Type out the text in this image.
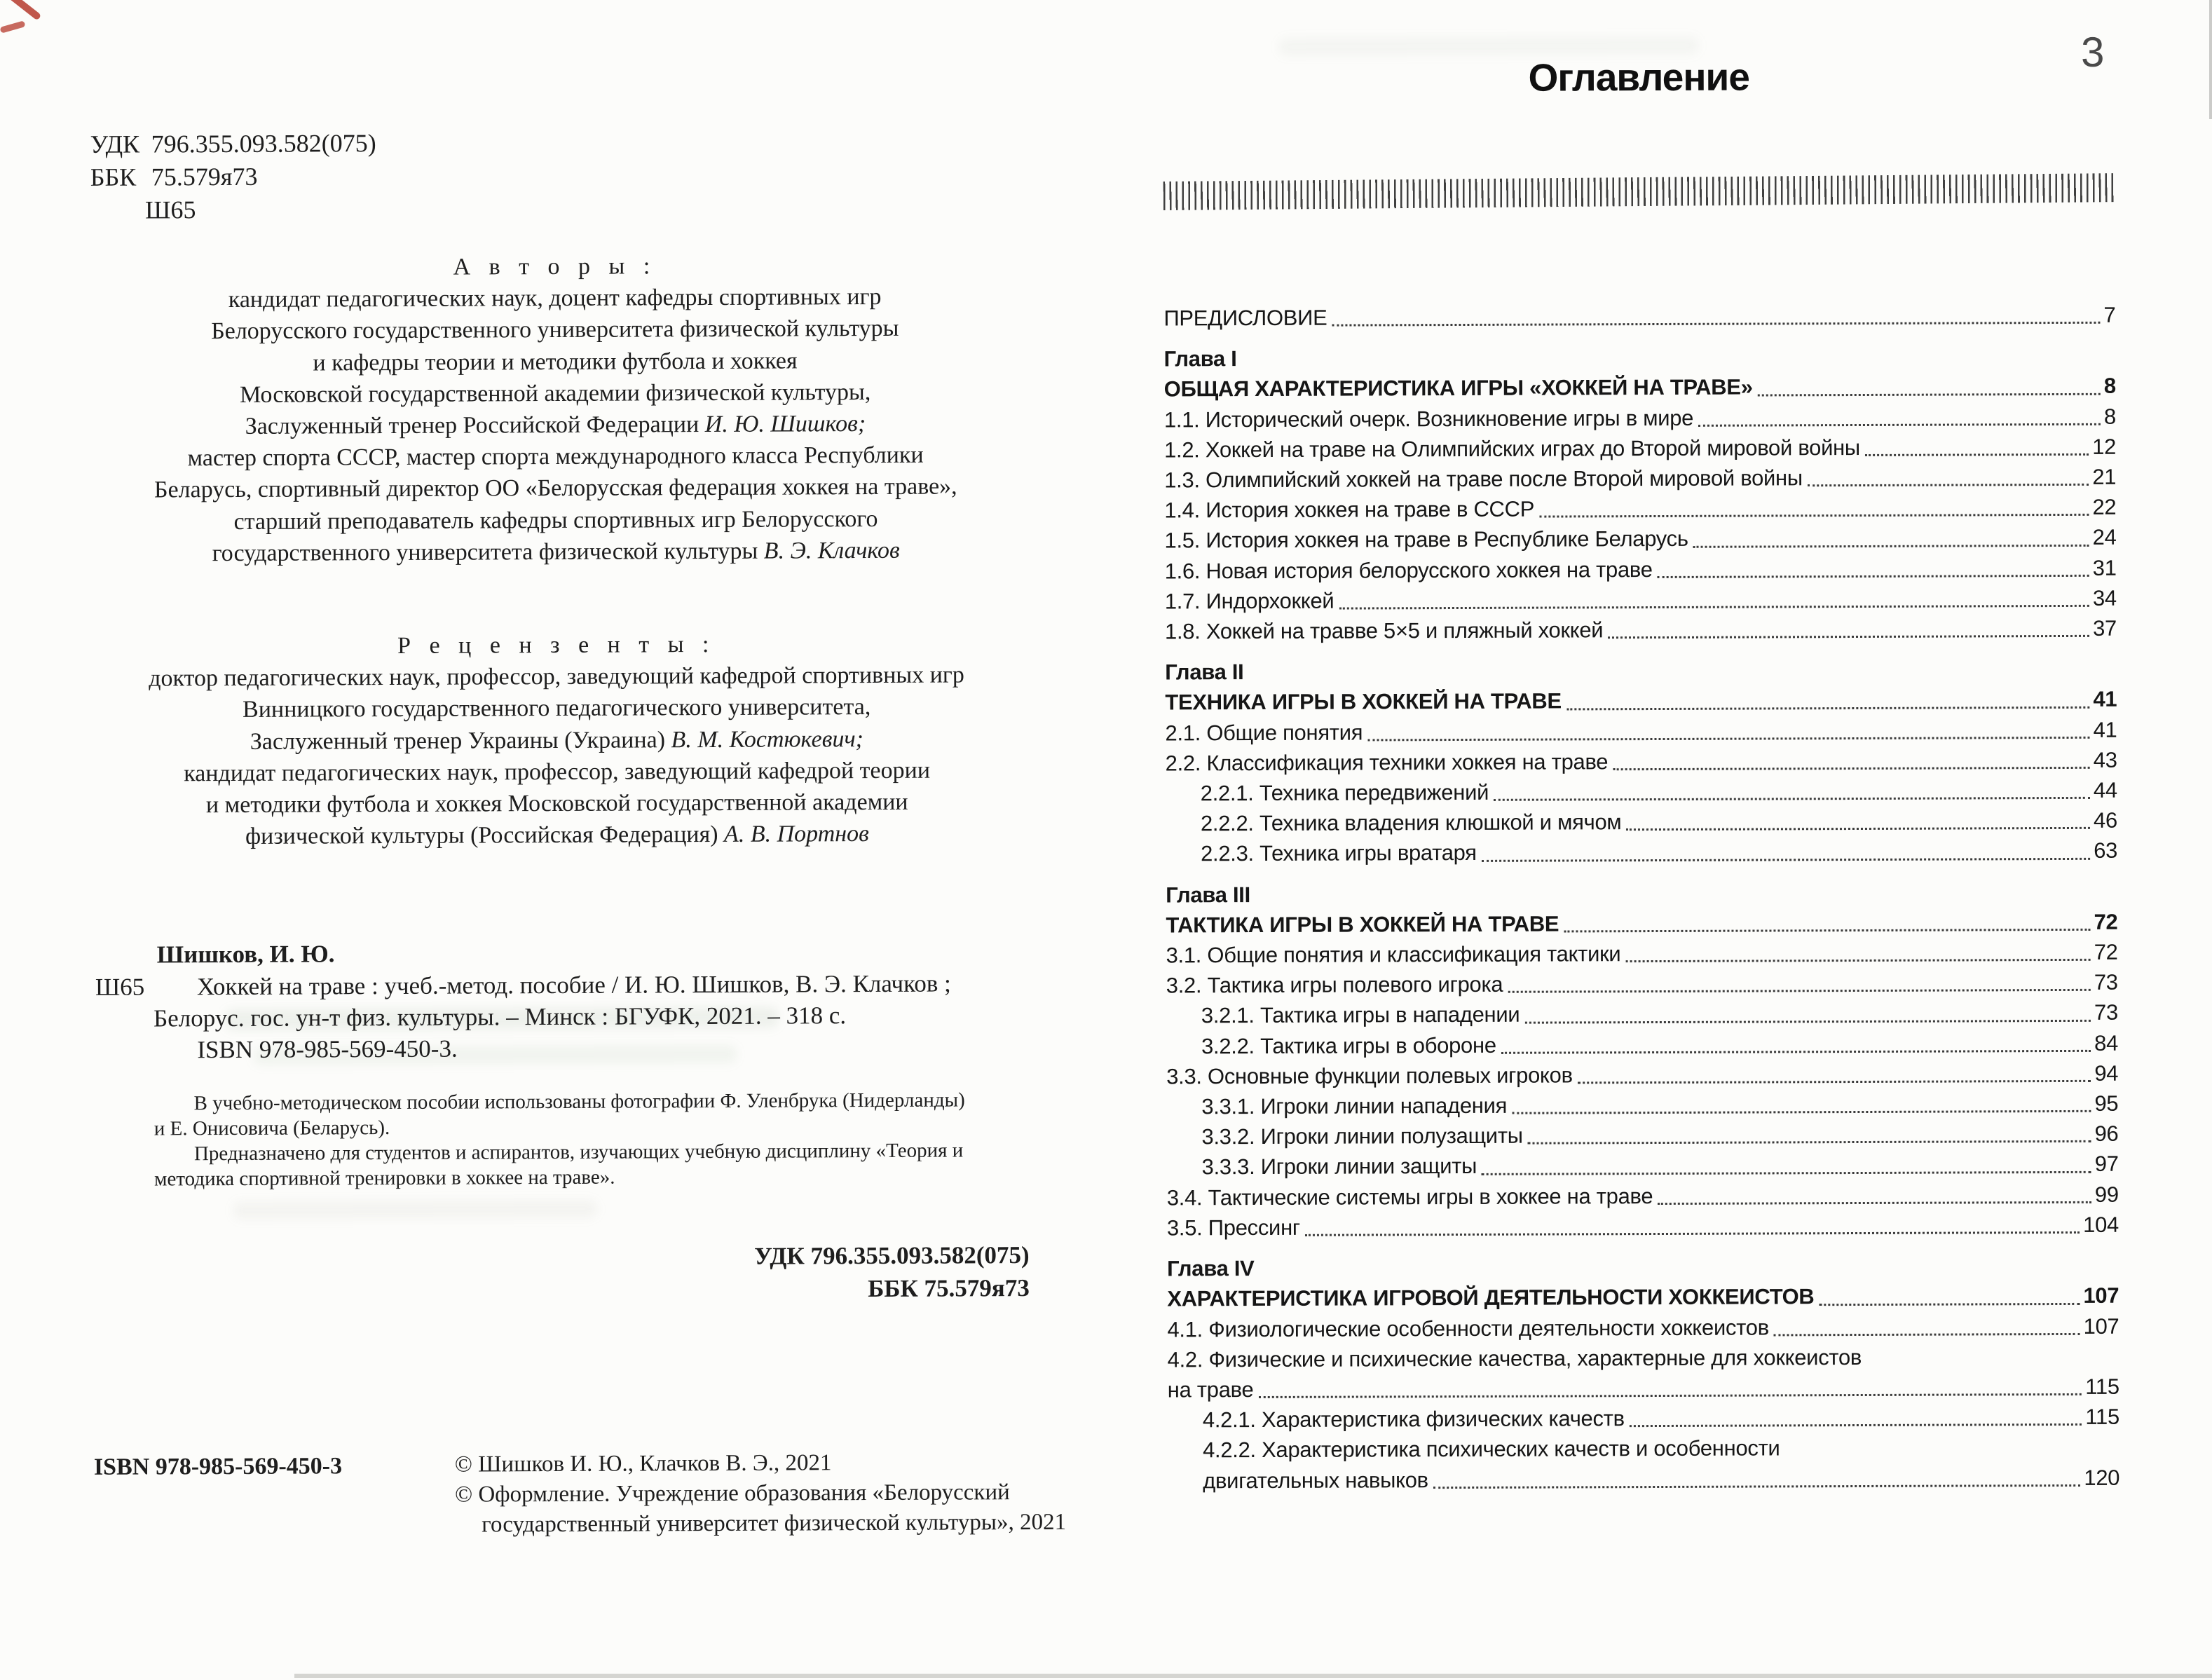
УДК 796.355.093.582(075)
ББК 75.579я73
Ш65
А в т о р ы :
кандидат педагогических наук, доцент кафедры спортивных игр
Белорусского государственного университета физической культуры
и кафедры теории и методики футбола и хоккея
Московской государственной академии физической культуры,
Заслуженный тренер Российской Федерации И. Ю. Шишков;
мастер спорта СССР, мастер спорта международного класса Республики
Беларусь, спортивный директор ОО «Белорусская федерация хоккея на траве»,
старший преподаватель кафедры спортивных игр Белорусского
государственного университета физической культуры В. Э. Клачков
Р е ц е н з е н т ы :
доктор педагогических наук, профессор, заведующий кафедрой спортивных игр
Винницкого государственного педагогического университета,
Заслуженный тренер Украины (Украина) В. М. Костюкевич;
кандидат педагогических наук, профессор, заведующий кафедрой теории
и методики футбола и хоккея Московской государственной академии
физической культуры (Российская Федерация) А. В. Портнов
Шишков, И. Ю.
Ш65 Хоккей на траве : учеб.-метод. пособие / И. Ю. Шишков, В. Э. Клачков ;
Белорус. гос. ун-т физ. культуры. – Минск : БГУФК, 2021. – 318 с.
ISBN 978-985-569-450-3.
В учебно-методическом пособии использованы фотографии Ф. Уленбрука (Нидерланды)
и Е. Онисовича (Беларусь).
Предназначено для студентов и аспирантов, изучающих учебную дисциплину «Теория и
методика спортивной тренировки в хоккее на траве».
УДК 796.355.093.582(075)
ББК 75.579я73
ISBN 978-985-569-450-3	© Шишков И. Ю., Клачков В. Э., 2021
© Оформление. Учреждение образования «Белорусский
государственный университет физической культуры», 2021
3
Оглавление
ПРЕДИСЛОВИЕ	7
Глава I
ОБЩАЯ ХАРАКТЕРИСТИКА ИГРЫ «ХОККЕЙ НА ТРАВЕ»	8
1.1. Исторический очерк. Возникновение игры в мире	8
1.2. Хоккей на траве на Олимпийских играх до Второй мировой войны	12
1.3. Олимпийский хоккей на траве после Второй мировой войны	21
1.4. История хоккея на траве в СССР	22
1.5. История хоккея на траве в Республике Беларусь	24
1.6. Новая история белорусского хоккея на траве	31
1.7. Индорхоккей	34
1.8. Хоккей на травве 5×5 и пляжный хоккей	37
Глава II
ТЕХНИКА ИГРЫ В ХОККЕЙ НА ТРАВЕ	41
2.1. Общие понятия	41
2.2. Классификация техники хоккея на траве	43
2.2.1. Техника передвижений	44
2.2.2. Техника владения клюшкой и мячом	46
2.2.3. Техника игры вратаря	63
Глава III
ТАКТИКА ИГРЫ В ХОККЕЙ НА ТРАВЕ	72
3.1. Общие понятия и классификация тактики	72
3.2. Тактика игры полевого игрока	73
3.2.1. Тактика игры в нападении	73
3.2.2. Тактика игры в обороне	84
3.3. Основные функции полевых игроков	94
3.3.1. Игроки линии нападения	95
3.3.2. Игроки линии полузащиты	96
3.3.3. Игроки линии защиты	97
3.4. Тактические системы игры в хоккее на траве	99
3.5. Прессинг	104
Глава IV
ХАРАКТЕРИСТИКА ИГРОВОЙ ДЕЯТЕЛЬНОСТИ ХОККЕИСТОВ	107
4.1. Физиологические особенности деятельности хоккеистов	107
4.2. Физические и психические качества, характерные для хоккеистов
на траве	115
4.2.1. Характеристика физических качеств	115
4.2.2. Характеристика психических качеств и особенности
двигательных навыков	120
